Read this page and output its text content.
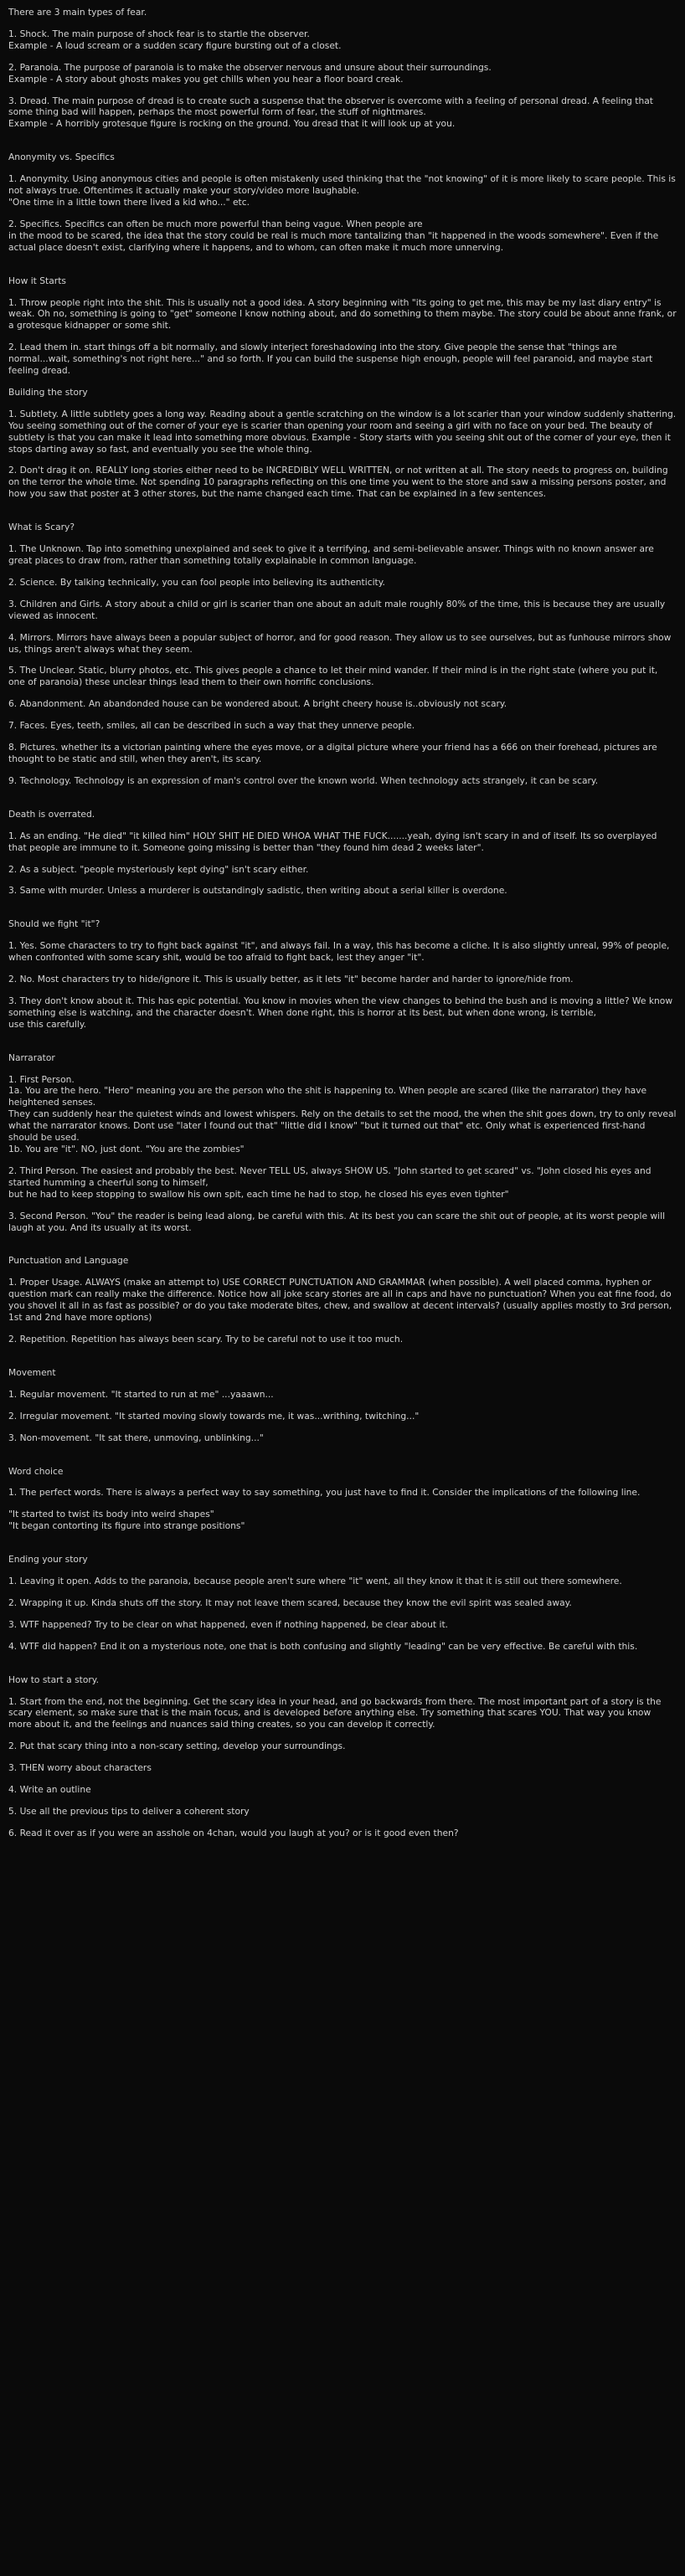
There are 3 main types of fear.
1. Shock. The main purpose of shock fear is to startle the observer.
Example - A loud scream or a sudden scary figure bursting out of a closet.
2. Paranoia. The purpose of paranoia is to make the observer nervous and unsure about their surroundings.
Example - A story about ghosts makes you get chills when you hear a floor board creak.
3. Dread. The main purpose of dread is to create such a suspense that the observer is overcome with a feeling of personal dread. A feeling that some thing bad will happen, perhaps the most powerful form of fear, the stuff of nightmares.
Example - A horribly grotesque figure is rocking on the ground. You dread that it will look up at you.
Anonymity vs. Specifics
1. Anonymity. Using anonymous cities and people is often mistakenly used thinking that the "not knowing" of it is more likely to scare people. This is not always true. Oftentimes it actually make your story/video more laughable.
"One time in a little town there lived a kid who..." etc.
2. Specifics. Specifics can often be much more powerful than being vague. When people are
in the mood to be scared, the idea that the story could be real is much more tantalizing than "it happened in the woods somewhere". Even if the actual place doesn't exist, clarifying where it happens, and to whom, can often make it much more unnerving.
How it Starts
1. Throw people right into the shit. This is usually not a good idea. A story beginning with "its going to get me, this may be my last diary entry" is weak. Oh no, something is going to "get" someone I know nothing about, and do something to them maybe. The story could be about anne frank, or a grotesque kidnapper or some shit.
2. Lead them in. start things off a bit normally, and slowly interject foreshadowing into the story. Give people the sense that "things are normal...wait, something's not right here..." and so forth. If you can build the suspense high enough, people will feel paranoid, and maybe start feeling dread.
Building the story
1. Subtlety. A little subtlety goes a long way. Reading about a gentle scratching on the window is a lot scarier than your window suddenly shattering. You seeing something out of the corner of your eye is scarier than opening your room and seeing a girl with no face on your bed. The beauty of subtlety is that you can make it lead into something more obvious. Example - Story starts with you seeing shit out of the corner of your eye, then it stops darting away so fast, and eventually you see the whole thing.
2. Don't drag it on. REALLY long stories either need to be INCREDIBLY WELL WRITTEN, or not written at all. The story needs to progress on, building on the terror the whole time. Not spending 10 paragraphs reflecting on this one time you went to the store and saw a missing persons poster, and how you saw that poster at 3 other stores, but the name changed each time. That can be explained in a few sentences.
What is Scary?
1. The Unknown. Tap into something unexplained and seek to give it a terrifying, and semi-believable answer. Things with no known answer are great places to draw from, rather than something totally explainable in common language.
2. Science. By talking technically, you can fool people into believing its authenticity.
3. Children and Girls. A story about a child or girl is scarier than one about an adult male roughly 80% of the time, this is because they are usually viewed as innocent.
4. Mirrors. Mirrors have always been a popular subject of horror, and for good reason. They allow us to see ourselves, but as funhouse mirrors show us, things aren't always what they seem.
5. The Unclear. Static, blurry photos, etc. This gives people a chance to let their mind wander. If their mind is in the right state (where you put it, one of paranoia) these unclear things lead them to their own horrific conclusions.
6. Abandonment. An abandonded house can be wondered about. A bright cheery house is..obviously not scary.
7. Faces. Eyes, teeth, smiles, all can be described in such a way that they unnerve people.
8. Pictures. whether its a victorian painting where the eyes move, or a digital picture where your friend has a 666 on their forehead, pictures are thought to be static and still, when they aren't, its scary.
9. Technology. Technology is an expression of man's control over the known world. When technology acts strangely, it can be scary.
Death is overrated.
1. As an ending. "He died" "it killed him" HOLY SHIT HE DIED WHOA WHAT THE FUCK.......yeah, dying isn't scary in and of itself. Its so overplayed that people are immune to it. Someone going missing is better than "they found him dead 2 weeks later".
2. As a subject. "people mysteriously kept dying" isn't scary either.
3. Same with murder. Unless a murderer is outstandingly sadistic, then writing about a serial killer is overdone.
Should we fight "it"?
1. Yes. Some characters to try to fight back against "it", and always fail. In a way, this has become a cliche. It is also slightly unreal, 99% of people, when confronted with some scary shit, would be too afraid to fight back, lest they anger "it".
2. No. Most characters try to hide/ignore it. This is usually better, as it lets "it" become harder and harder to ignore/hide from.
3. They don't know about it. This has epic potential. You know in movies when the view changes to behind the bush and is moving a little? We know something else is watching, and the character doesn't. When done right, this is horror at its best, but when done wrong, is terrible,
use this carefully.
Narrarator
1. First Person.
1a. You are the hero. "Hero" meaning you are the person who the shit is happening to. When people are scared (like the narrarator) they have heightened senses.
They can suddenly hear the quietest winds and lowest whispers. Rely on the details to set the mood, the when the shit goes down, try to only reveal what the narrarator knows. Dont use "later I found out that" "little did I know" "but it turned out that" etc. Only what is experienced first-hand should be used.
1b. You are "it". NO, just dont. "You are the zombies"
2. Third Person. The easiest and probably the best. Never TELL US, always SHOW US. "John started to get scared" vs. "John closed his eyes and started humming a cheerful song to himself,
but he had to keep stopping to swallow his own spit, each time he had to stop, he closed his eyes even tighter"
3. Second Person. "You" the reader is being lead along, be careful with this. At its best you can scare the shit out of people, at its worst people will laugh at you. And its usually at its worst.
Punctuation and Language
1. Proper Usage. ALWAYS (make an attempt to) USE CORRECT PUNCTUATION AND GRAMMAR (when possible). A well placed comma, hyphen or question mark can really make the difference. Notice how all joke scary stories are all in caps and have no punctuation? When you eat fine food, do you shovel it all in as fast as possible? or do you take moderate bites, chew, and swallow at decent intervals? (usually applies mostly to 3rd person, 1st and 2nd have more options)
2. Repetition. Repetition has always been scary. Try to be careful not to use it too much.
Movement
1. Regular movement. "It started to run at me" ...yaaawn...
2. Irregular movement. "It started moving slowly towards me, it was...writhing, twitching..."
3. Non-movement. "It sat there, unmoving, unblinking..."
Word choice
1. The perfect words. There is always a perfect way to say something, you just have to find it. Consider the implications of the following line.
"It started to twist its body into weird shapes"
"It began contorting its figure into strange positions"
Ending your story
1. Leaving it open. Adds to the paranoia, because people aren't sure where "it" went, all they know it that it is still out there somewhere.
2. Wrapping it up. Kinda shuts off the story. It may not leave them scared, because they know the evil spirit was sealed away.
3. WTF happened? Try to be clear on what happened, even if nothing happened, be clear about it.
4. WTF did happen? End it on a mysterious note, one that is both confusing and slightly "leading" can be very effective. Be careful with this.
How to start a story.
1. Start from the end, not the beginning. Get the scary idea in your head, and go backwards from there. The most important part of a story is the scary element, so make sure that is the main focus, and is developed before anything else. Try something that scares YOU. That way you know more about it, and the feelings and nuances said thing creates, so you can develop it correctly.
2. Put that scary thing into a non-scary setting, develop your surroundings.
3. THEN worry about characters
4. Write an outline
5. Use all the previous tips to deliver a coherent story
6. Read it over as if you were an asshole on 4chan, would you laugh at you? or is it good even then?
